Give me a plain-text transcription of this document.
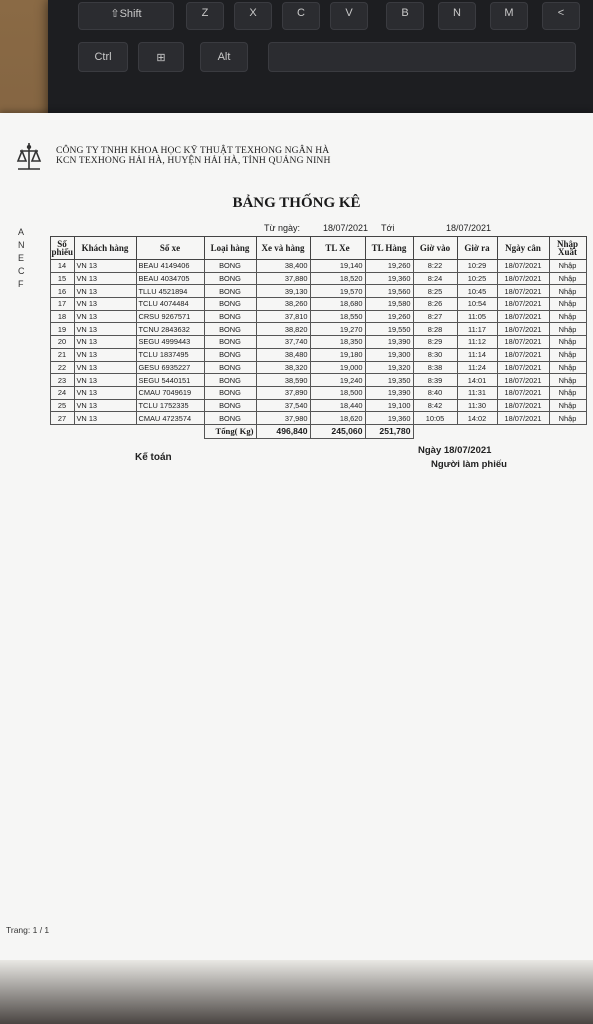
⇧Shift	Z	X	C	V	B	N	M	<
Ctrl	⊞	Alt
CÔNG TY TNHH KHOA HỌC KỸ THUẬT TEXHONG NGÂN HÀ
KCN TEXHONG HẢI HÀ, HUYỆN HẢI HÀ, TỈNH QUẢNG NINH
BẢNG THỐNG KÊ
Từ ngày:	18/07/2021 Tới	18/07/2021
A
N
E
C
F
	Số phiếu	Khách hàng	Số xe	Loại hàng	Xe và hàng	TL Xe	TL Hàng	Giờ vào	Giờ ra	Ngày cân	Nhập Xuất
	14	VN 13	BEAU 4149406	BONG	38,400	19,140	19,260	8:22	10:29	18/07/2021	Nhập
	15	VN 13	BEAU 4034705	BONG	37,880	18,520	19,360	8:24	10:25	18/07/2021	Nhập
	16	VN 13	TLLU 4521894	BONG	39,130	19,570	19,560	8:25	10:45	18/07/2021	Nhập
	17	VN 13	TCLU 4074484	BONG	38,260	18,680	19,580	8:26	10:54	18/07/2021	Nhập
	18	VN 13	CRSU 9267571	BONG	37,810	18,550	19,260	8:27	11:05	18/07/2021	Nhập
	19	VN 13	TCNU 2843632	BONG	38,820	19,270	19,550	8:28	11:17	18/07/2021	Nhập
	20	VN 13	SEGU 4999443	BONG	37,740	18,350	19,390	8:29	11:12	18/07/2021	Nhập
	21	VN 13	TCLU 1837495	BONG	38,480	19,180	19,300	8:30	11:14	18/07/2021	Nhập
	22	VN 13	GESU 6935227	BONG	38,320	19,000	19,320	8:38	11:24	18/07/2021	Nhập
	23	VN 13	SEGU 5440151	BONG	38,590	19,240	19,350	8:39	14:01	18/07/2021	Nhập
	24	VN 13	CMAU 7049619	BONG	37,890	18,500	19,390	8:40	11:31	18/07/2021	Nhập
	25	VN 13	TCLU 1752335	BONG	37,540	18,440	19,100	8:42	11:30	18/07/2021	Nhập
	27	VN 13	CMAU 4723574	BONG	37,980	18,620	19,360	10:05	14:02	18/07/2021	Nhập
				Tổng( Kg)	496,840	245,060	251,780				
Kế toán
Ngày 18/07/2021
Người làm phiếu
Trang: 1 / 1
